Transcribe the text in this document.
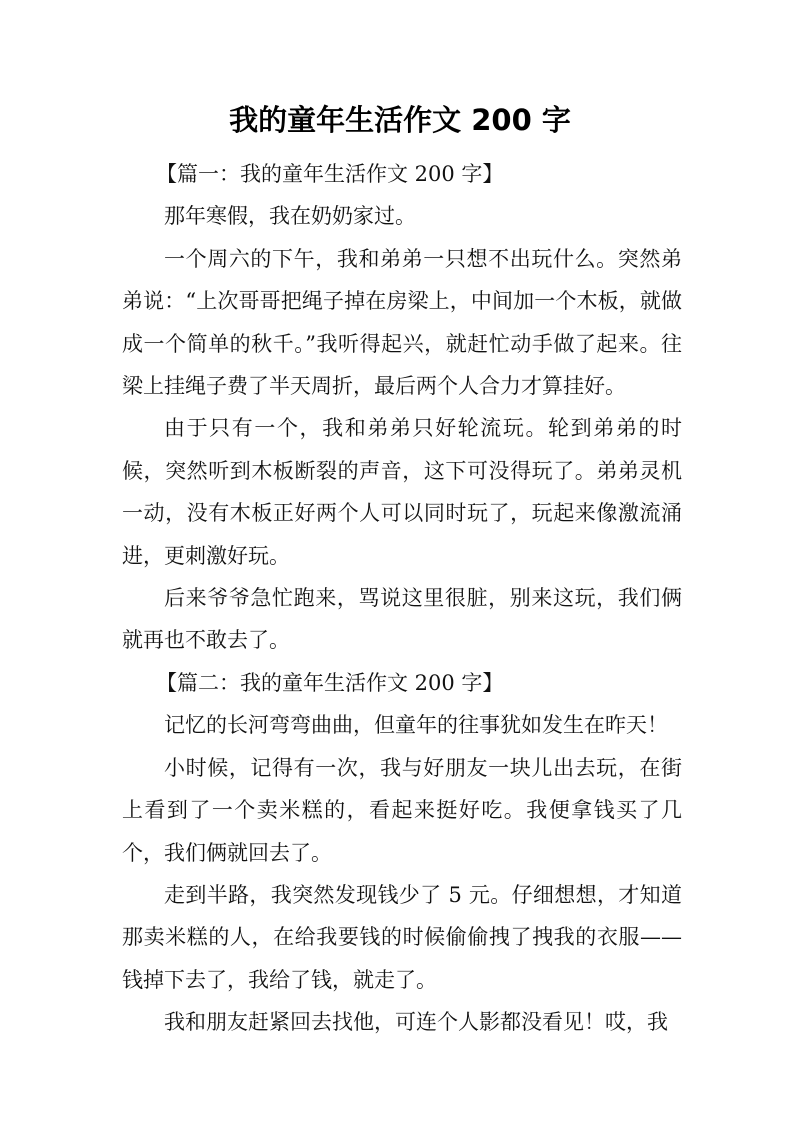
我的童年生活作文 200 字

【篇一：我的童年生活作文 200 字】

那年寒假，我在奶奶家过。

一个周六的下午，我和弟弟一只想不出玩什么。突然弟弟说：“上次哥哥把绳子掉在房梁上，中间加一个木板，就做成一个简单的秋千。”我听得起兴，就赶忙动手做了起来。往梁上挂绳子费了半天周折，最后两个人合力才算挂好。

由于只有一个，我和弟弟只好轮流玩。轮到弟弟的时候，突然听到木板断裂的声音，这下可没得玩了。弟弟灵机一动，没有木板正好两个人可以同时玩了，玩起来像激流涌进，更刺激好玩。

后来爷爷急忙跑来，骂说这里很脏，别来这玩，我们俩就再也不敢去了。

【篇二：我的童年生活作文 200 字】

记忆的长河弯弯曲曲，但童年的往事犹如发生在昨天！

小时候，记得有一次，我与好朋友一块儿出去玩，在街上看到了一个卖米糕的，看起来挺好吃。我便拿钱买了几个，我们俩就回去了。

走到半路，我突然发现钱少了 5 元。仔细想想，才知道那卖米糕的人，在给我要钱的时候偷偷拽了拽我的衣服——钱掉下去了，我给了钱，就走了。

我和朋友赶紧回去找他，可连个人影都没看见！哎，我
